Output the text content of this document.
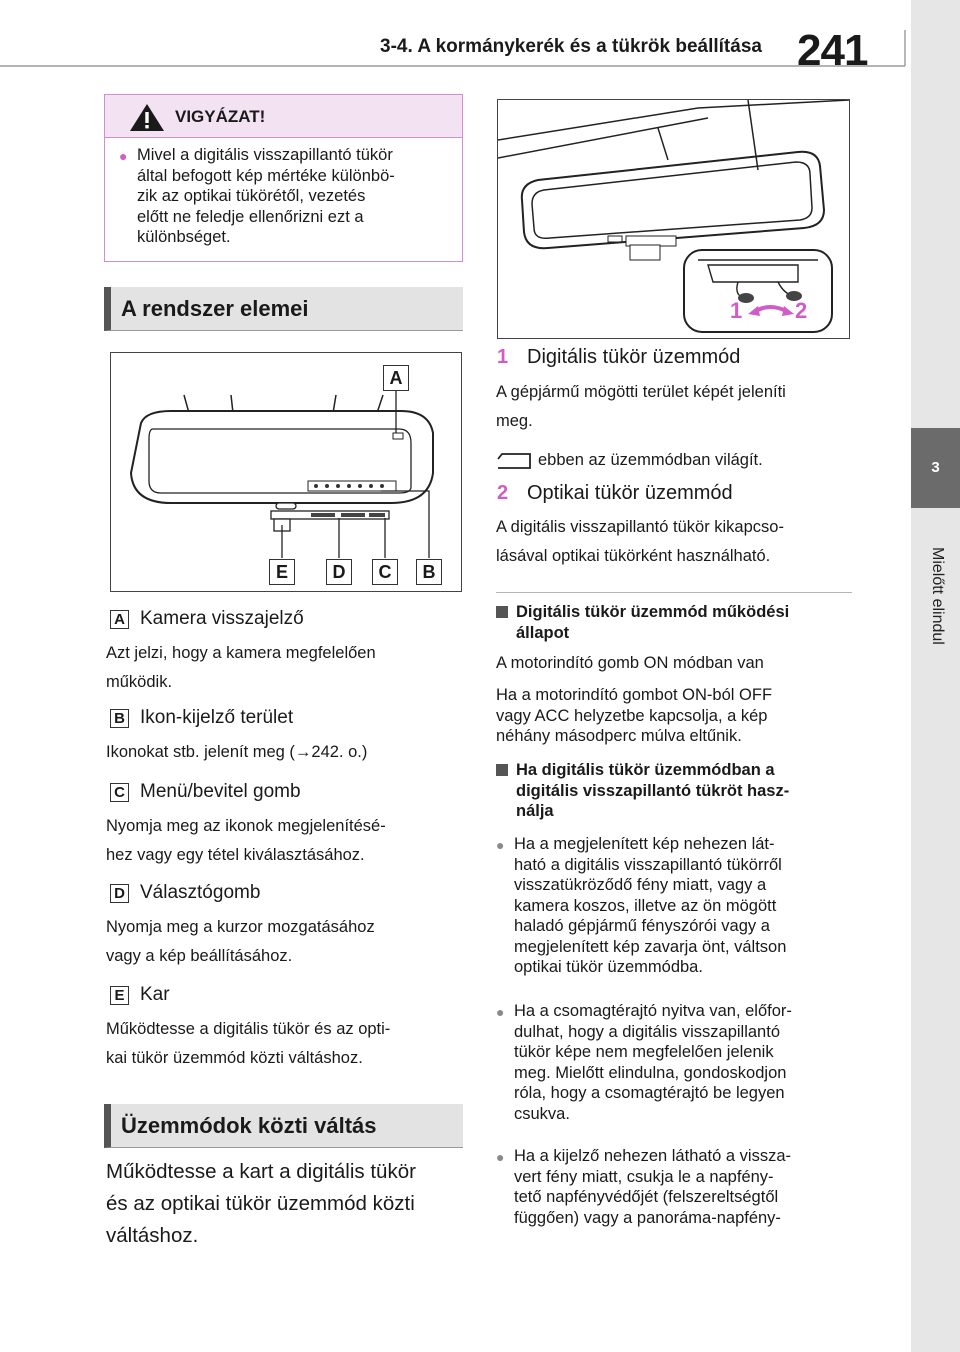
3-4. A kormánykerék és a tükrök beállítása 241
3
Mielőtt elindul
VIGYÁZAT!
● Mivel a digitális visszapillantó tükör
által befogott kép mértéke különbö-
zik az optikai tükörétől, vezetés
előtt ne feledje ellenőrizni ezt a
különbséget.
A rendszer elemei
A
E	D	C	B
A Kamera visszajelző
Azt jelzi, hogy a kamera megfelelően
működik.
B Ikon-kijelző terület
Ikonokat stb. jelenít meg (→242. o.)
C Menü/bevitel gomb
Nyomja meg az ikonok megjelenítésé-
hez vagy egy tétel kiválasztásához.
D Választógomb
Nyomja meg a kurzor mozgatásához
vagy a kép beállításához.
E Kar
Működtesse a digitális tükör és az opti-
kai tükör üzemmód közti váltáshoz.
Üzemmódok közti váltás
Működtesse a kart a digitális tükör
és az optikai tükör üzemmód közti
váltáshoz.
1 2
1 Digitális tükör üzemmód
A gépjármű mögötti terület képét jeleníti
meg.
ebben az üzemmódban világít.
2 Optikai tükör üzemmód
A digitális visszapillantó tükör kikapcso-
lásával optikai tükörként használható.
Digitális tükör üzemmód működési
állapot
A motorindító gomb ON módban van
Ha a motorindító gombot ON-ból OFF
vagy ACC helyzetbe kapcsolja, a kép
néhány másodperc múlva eltűnik.
Ha digitális tükör üzemmódban a
digitális visszapillantó tükröt hasz-
nálja
● Ha a megjelenített kép nehezen lát-
ható a digitális visszapillantó tükörről
visszatükröződő fény miatt, vagy a
kamera koszos, illetve az ön mögött
haladó gépjármű fényszórói vagy a
megjelenített kép zavarja önt, váltson
optikai tükör üzemmódba.
● Ha a csomagtérajtó nyitva van, előfor-
dulhat, hogy a digitális visszapillantó
tükör képe nem megfelelően jelenik
meg. Mielőtt elindulna, gondoskodjon
róla, hogy a csomagtérajtó be legyen
csukva.
● Ha a kijelző nehezen látható a vissza-
vert fény miatt, csukja le a napfény-
tető napfényvédőjét (felszereltségtől
függően) vagy a panoráma-napfény-
